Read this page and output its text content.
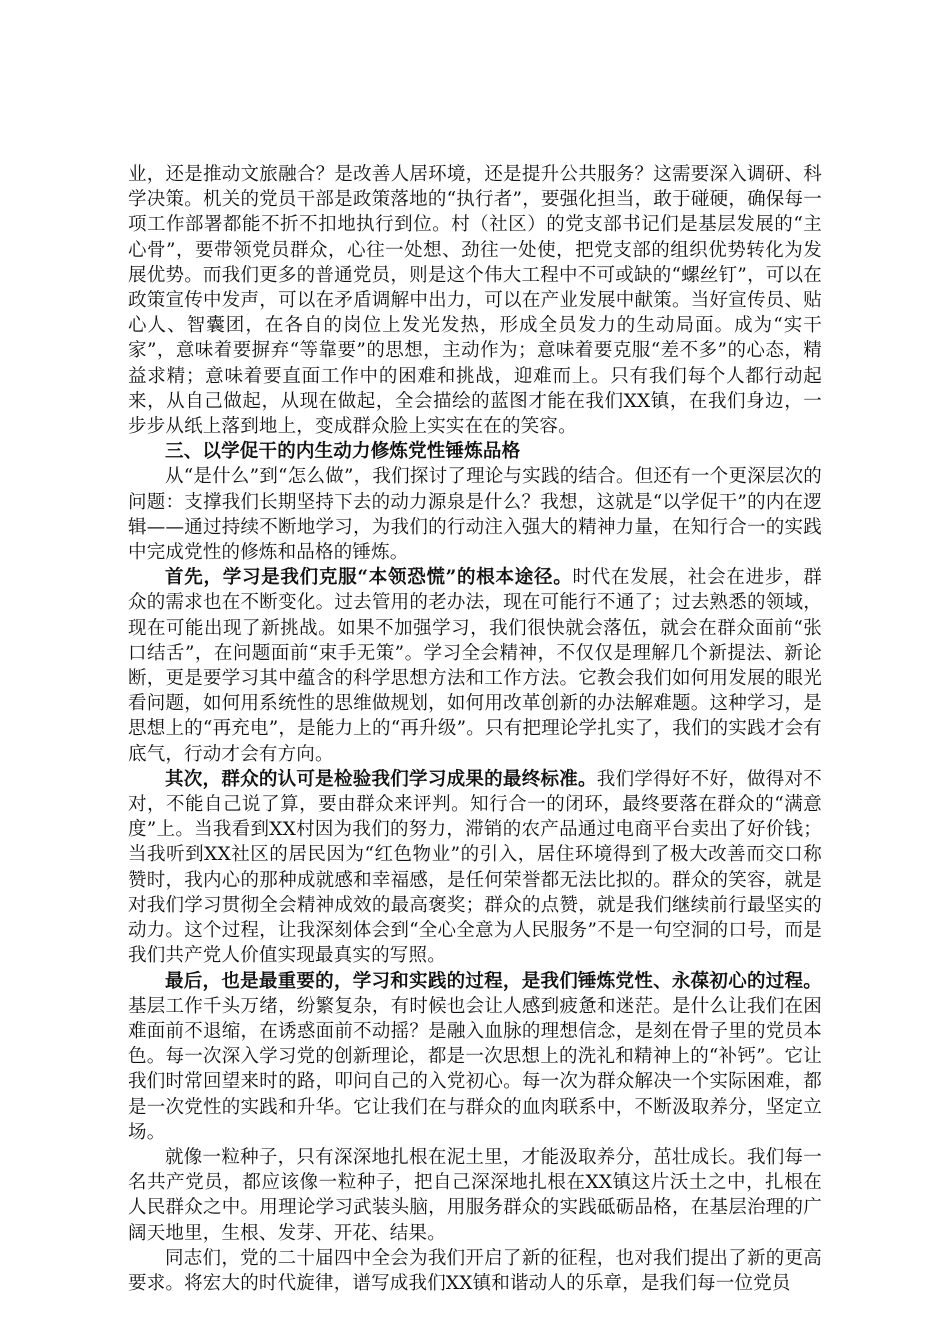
业，还是推动文旅融合？是改善人居环境，还是提升公共服务？这需要深入调研、科学决策。机关的党员干部是政策落地的“执行者”，要强化担当，敢于碰硬，确保每一项工作部署都能不折不扣地执行到位。村（社区）的党支部书记们是基层发展的“主心骨”，要带领党员群众，心往一处想、劲往一处使，把党支部的组织优势转化为发展优势。而我们更多的普通党员，则是这个伟大工程中不可或缺的“螺丝钉”，可以在政策宣传中发声，可以在矛盾调解中出力，可以在产业发展中献策。当好宣传员、贴心人、智囊团，在各自的岗位上发光发热，形成全员发力的生动局面。成为“实干家”，意味着要摒弃“等靠要”的思想，主动作为；意味着要克服“差不多”的心态，精益求精；意味着要直面工作中的困难和挑战，迎难而上。只有我们每个人都行动起来，从自己做起，从现在做起，全会描绘的蓝图才能在我们XX镇，在我们身边，一步步从纸上落到地上，变成群众脸上实实在在的笑容。

三、以学促干的内生动力修炼党性锤炼品格

从“是什么”到“怎么做”，我们探讨了理论与实践的结合。但还有一个更深层次的问题：支撑我们长期坚持下去的动力源泉是什么？我想，这就是“以学促干”的内在逻辑——通过持续不断地学习，为我们的行动注入强大的精神力量，在知行合一的实践中完成党性的修炼和品格的锤炼。

首先，学习是我们克服“本领恐慌”的根本途径。时代在发展，社会在进步，群众的需求也在不断变化。过去管用的老办法，现在可能行不通了；过去熟悉的领域，现在可能出现了新挑战。如果不加强学习，我们很快就会落伍，就会在群众面前“张口结舌”，在问题面前“束手无策”。学习全会精神，不仅仅是理解几个新提法、新论断，更是要学习其中蕴含的科学思想方法和工作方法。它教会我们如何用发展的眼光看问题，如何用系统性的思维做规划，如何用改革创新的办法解难题。这种学习，是思想上的“再充电”，是能力上的“再升级”。只有把理论学扎实了，我们的实践才会有底气，行动才会有方向。

其次，群众的认可是检验我们学习成果的最终标准。我们学得好不好，做得对不对，不能自己说了算，要由群众来评判。知行合一的闭环，最终要落在群众的“满意度”上。当我看到XX村因为我们的努力，滞销的农产品通过电商平台卖出了好价钱；当我听到XX社区的居民因为“红色物业”的引入，居住环境得到了极大改善而交口称赞时，我内心的那种成就感和幸福感，是任何荣誉都无法比拟的。群众的笑容，就是对我们学习贯彻全会精神成效的最高褒奖；群众的点赞，就是我们继续前行最坚实的动力。这个过程，让我深刻体会到“全心全意为人民服务”不是一句空洞的口号，而是我们共产党人价值实现最真实的写照。

最后，也是最重要的，学习和实践的过程，是我们锤炼党性、永葆初心的过程。基层工作千头万绪，纷繁复杂，有时候也会让人感到疲惫和迷茫。是什么让我们在困难面前不退缩，在诱惑面前不动摇？是融入血脉的理想信念，是刻在骨子里的党员本色。每一次深入学习党的创新理论，都是一次思想上的洗礼和精神上的“补钙”。它让我们时常回望来时的路，叩问自己的入党初心。每一次为群众解决一个实际困难，都是一次党性的实践和升华。它让我们在与群众的血肉联系中，不断汲取养分，坚定立场。

就像一粒种子，只有深深地扎根在泥土里，才能汲取养分，茁壮成长。我们每一名共产党员，都应该像一粒种子，把自己深深地扎根在XX镇这片沃土之中，扎根在人民群众之中。用理论学习武装头脑，用服务群众的实践砥砺品格，在基层治理的广阔天地里，生根、发芽、开花、结果。

同志们，党的二十届四中全会为我们开启了新的征程，也对我们提出了新的更高要求。将宏大的时代旋律，谱写成我们XX镇和谐动人的乐章，是我们每一位党员
